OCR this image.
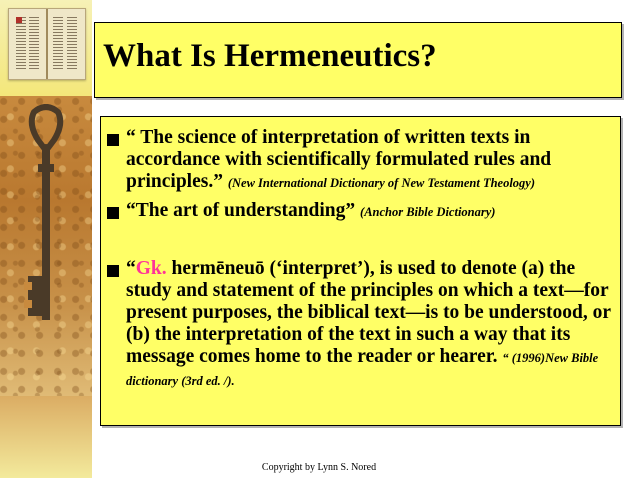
What Is Hermeneutics?

“ The science of interpretation of written texts in accordance with scientifically formulated rules and principles.” (New International Dictionary of New Testament Theology)

“The art of understanding” (Anchor Bible Dictionary)

“Gk. hermēneuō (‘interpret’), is used to denote (a) the study and statement of the principles on which a text—for present purposes, the biblical text—is to be understood, or (b) the interpretation of the text in such a way that its message comes home to the reader or hearer. “ (1996)New Bible dictionary (3rd ed. /).

Copyright by Lynn S. Nored
